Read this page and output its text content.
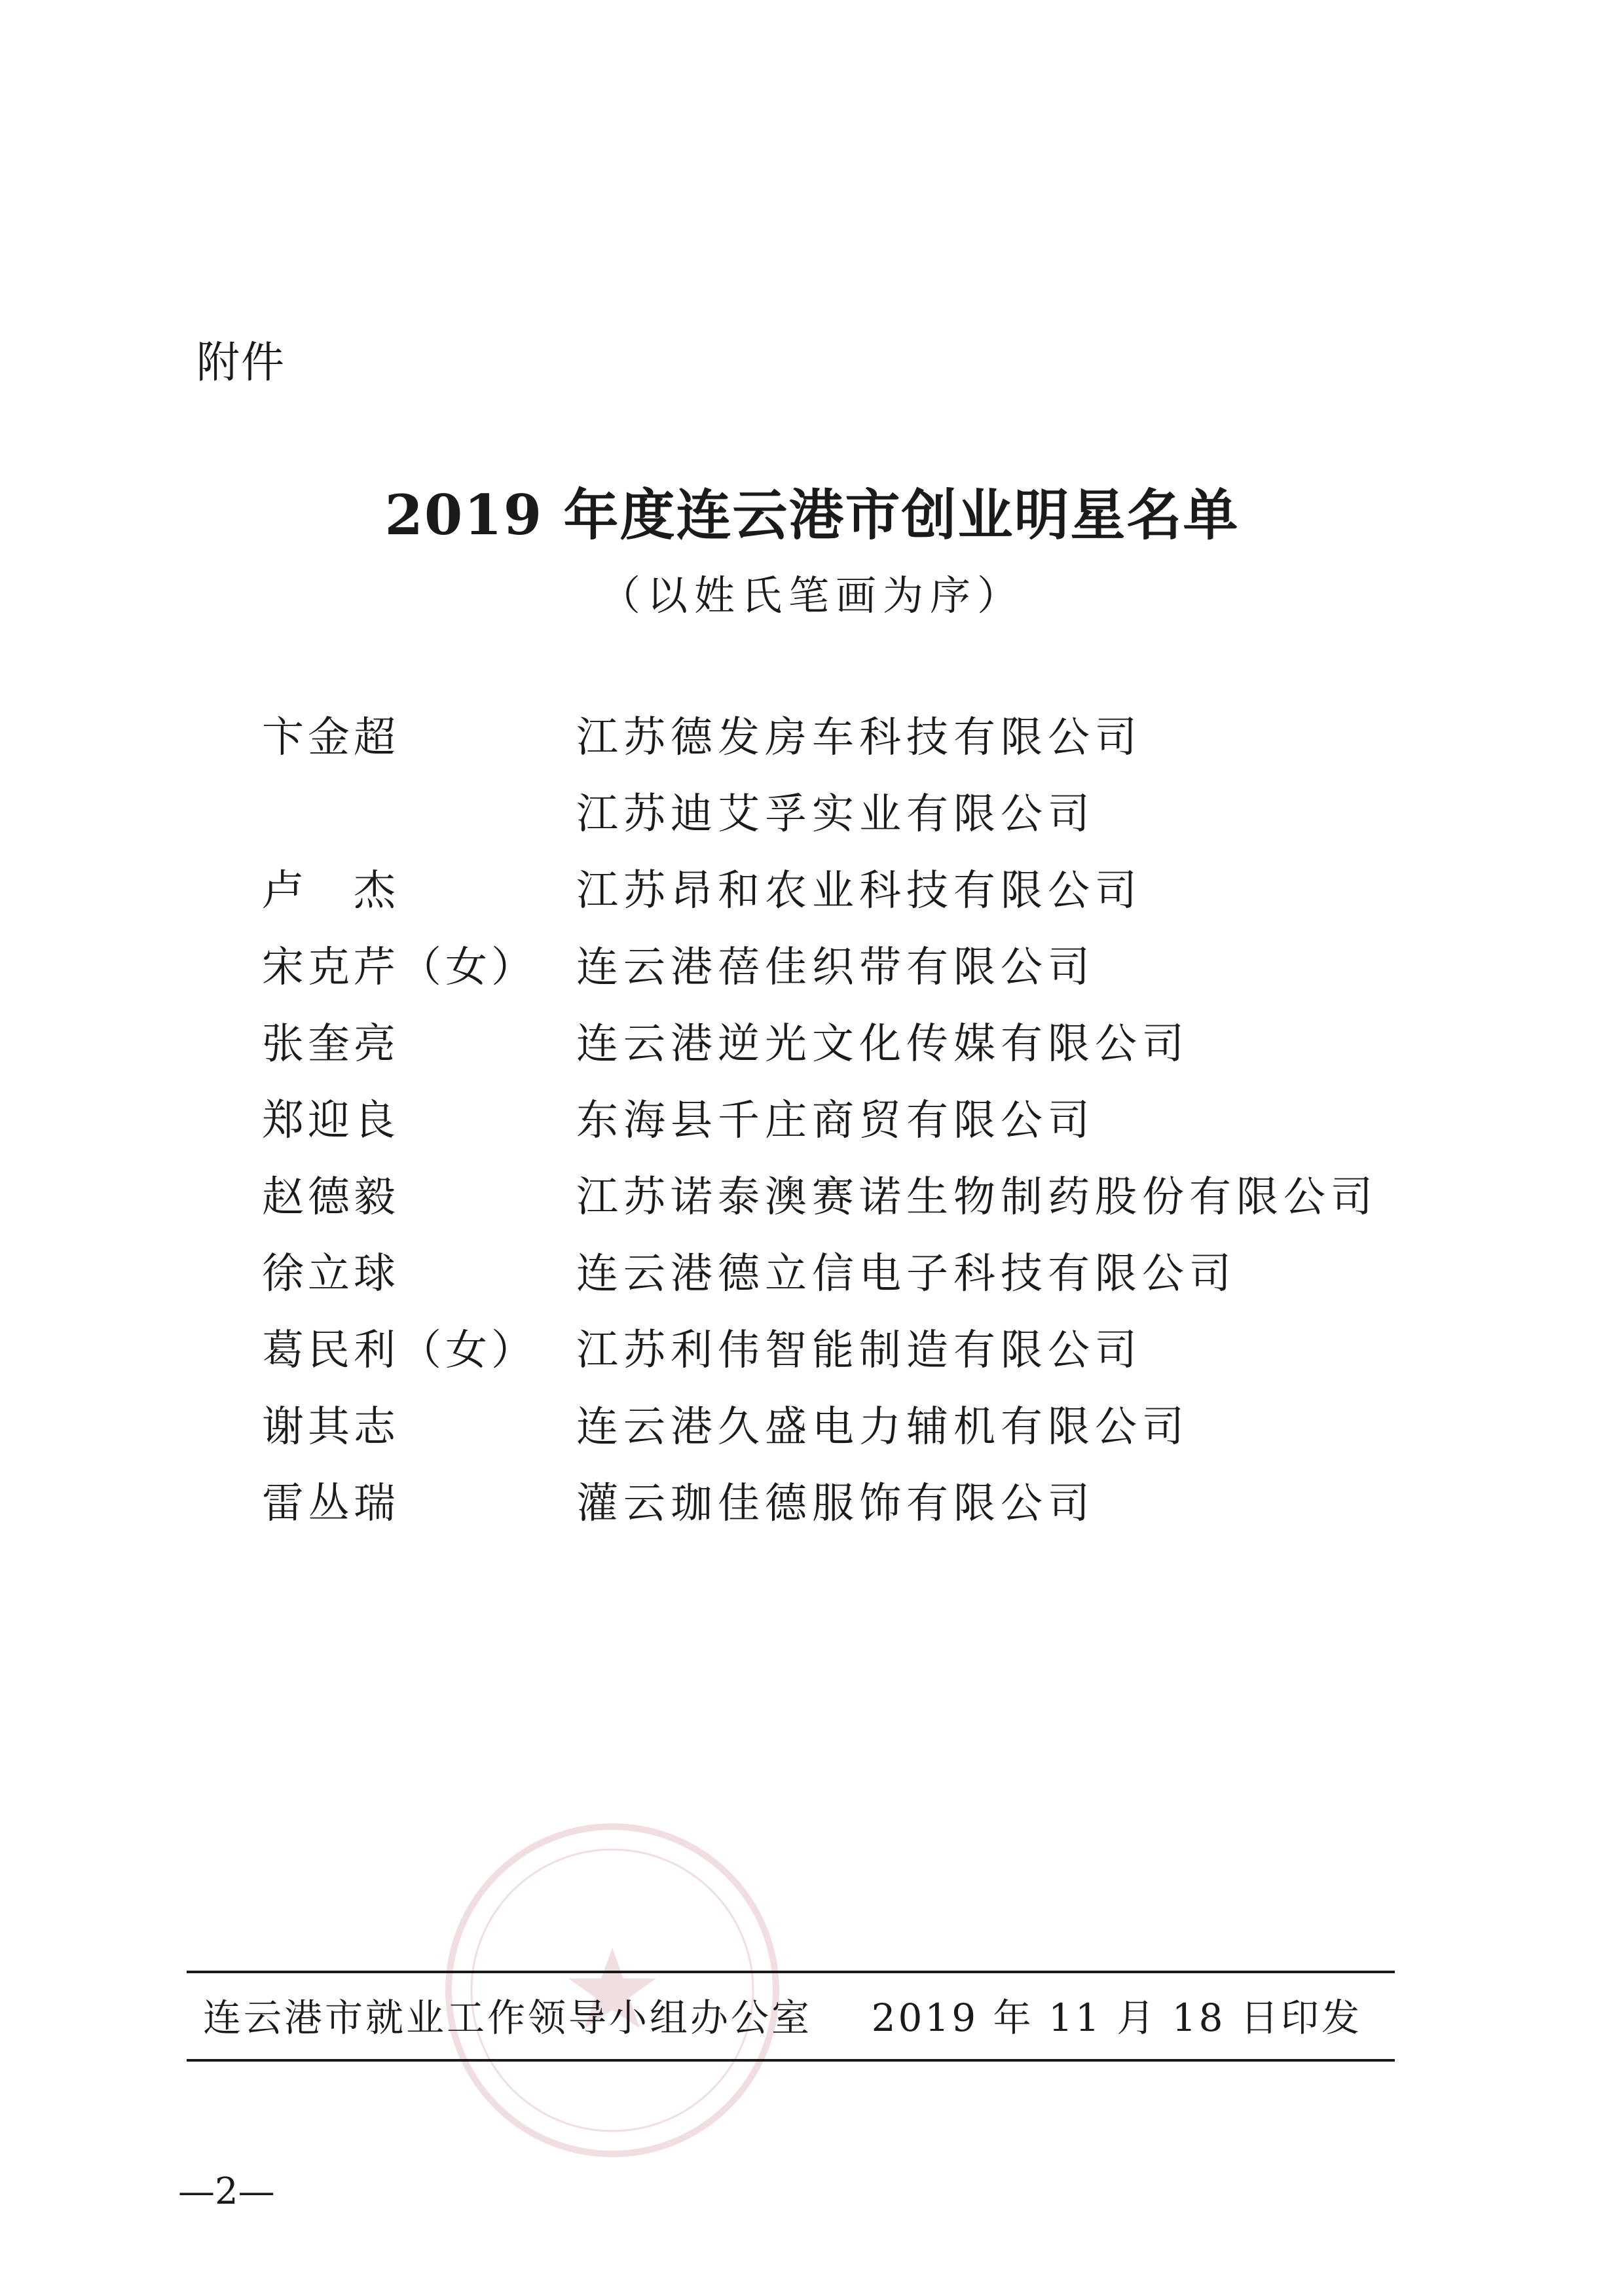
附件
2019 年度连云港市创业明星名单
（以姓氏笔画为序）
卞金超	江苏德发房车科技有限公司
江苏迪艾孚实业有限公司
卢　杰	江苏昂和农业科技有限公司
宋克芹（女） 连云港蓓佳织带有限公司
张奎亮	连云港逆光文化传媒有限公司
郑迎良	东海县千庄商贸有限公司
赵德毅	江苏诺泰澳赛诺生物制药股份有限公司
徐立球	连云港德立信电子科技有限公司
葛民利（女） 江苏利伟智能制造有限公司
谢其志	连云港久盛电力辅机有限公司
雷丛瑞	灌云珈佳德服饰有限公司
连云港市就业工作领导小组办公室 2019 年 11 月 18 日印发
—2—
